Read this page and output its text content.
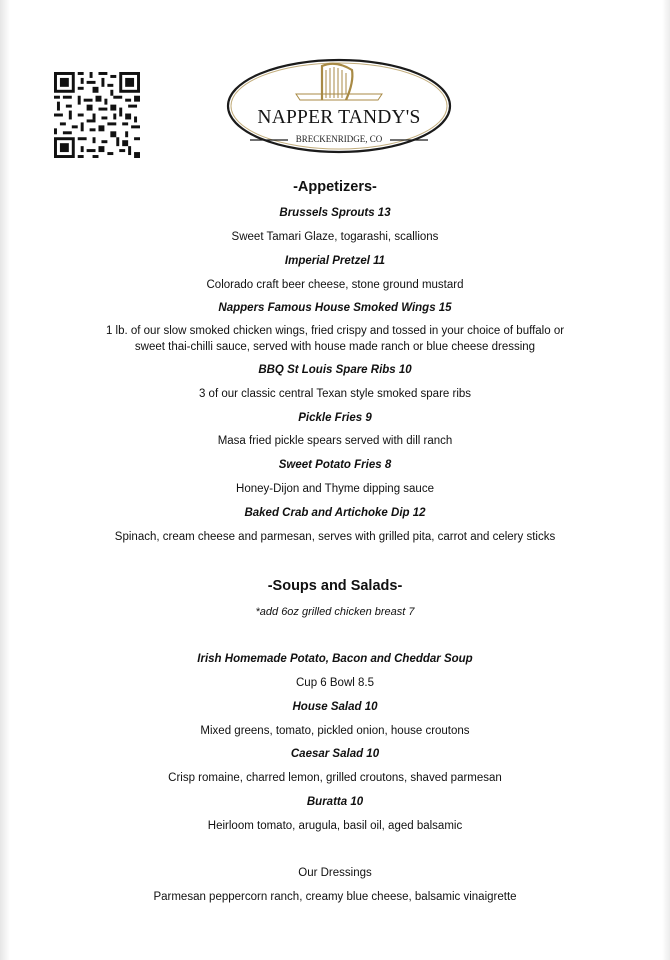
NAPPER TANDY'S
BRECKENRIDGE, CO
-Appetizers-
Brussels Sprouts 13
Sweet Tamari Glaze, togarashi, scallions
Imperial Pretzel 11
Colorado craft beer cheese, stone ground mustard
Nappers Famous House Smoked Wings 15
1 lb. of our slow smoked chicken wings, fried crispy and tossed in your choice of buffalo or sweet thai-chilli sauce, served with house made ranch or blue cheese dressing
BBQ St Louis Spare Ribs 10
3 of our classic central Texan style smoked spare ribs
Pickle Fries 9
Masa fried pickle spears served with dill ranch
Sweet Potato Fries 8
Honey-Dijon and Thyme dipping sauce
Baked Crab and Artichoke Dip 12
Spinach, cream cheese and parmesan, serves with grilled pita, carrot and celery sticks
-Soups and Salads-
*add 6oz grilled chicken breast 7
Irish Homemade Potato, Bacon and Cheddar Soup
Cup 6 Bowl 8.5
House Salad 10
Mixed greens, tomato, pickled onion, house croutons
Caesar Salad 10
Crisp romaine, charred lemon, grilled croutons, shaved parmesan
Buratta 10
Heirloom tomato, arugula, basil oil, aged balsamic
Our Dressings
Parmesan peppercorn ranch, creamy blue cheese, balsamic vinaigrette
